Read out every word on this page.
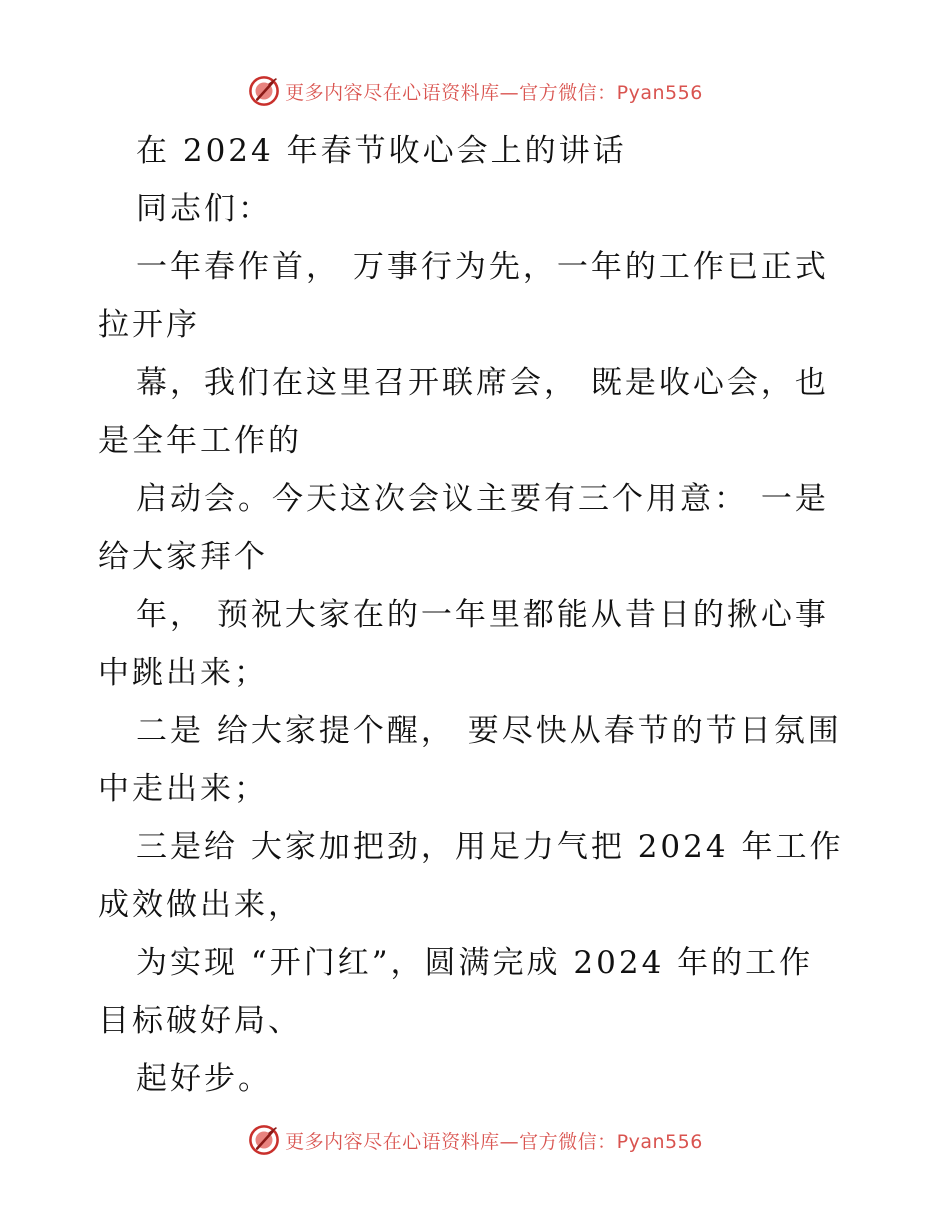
更多内容尽在心语资料库—官方微信：Pyan556
在 2024 年春节收心会上的讲话
同志们：
一年春作首， 万事行为先，一年的工作已正式
拉开序
幕，我们在这里召开联席会， 既是收心会，也
是全年工作的
启动会。今天这次会议主要有三个用意： 一是
给大家拜个
年， 预祝大家在的一年里都能从昔日的揪心事
中跳出来；
二是 给大家提个醒， 要尽快从春节的节日氛围
中走出来；
三是给 大家加把劲，用足力气把 2024 年工作
成效做出来，
为实现 “开门红”，圆满完成 2024 年的工作
目标破好局、
起好步。
更多内容尽在心语资料库—官方微信：Pyan556
